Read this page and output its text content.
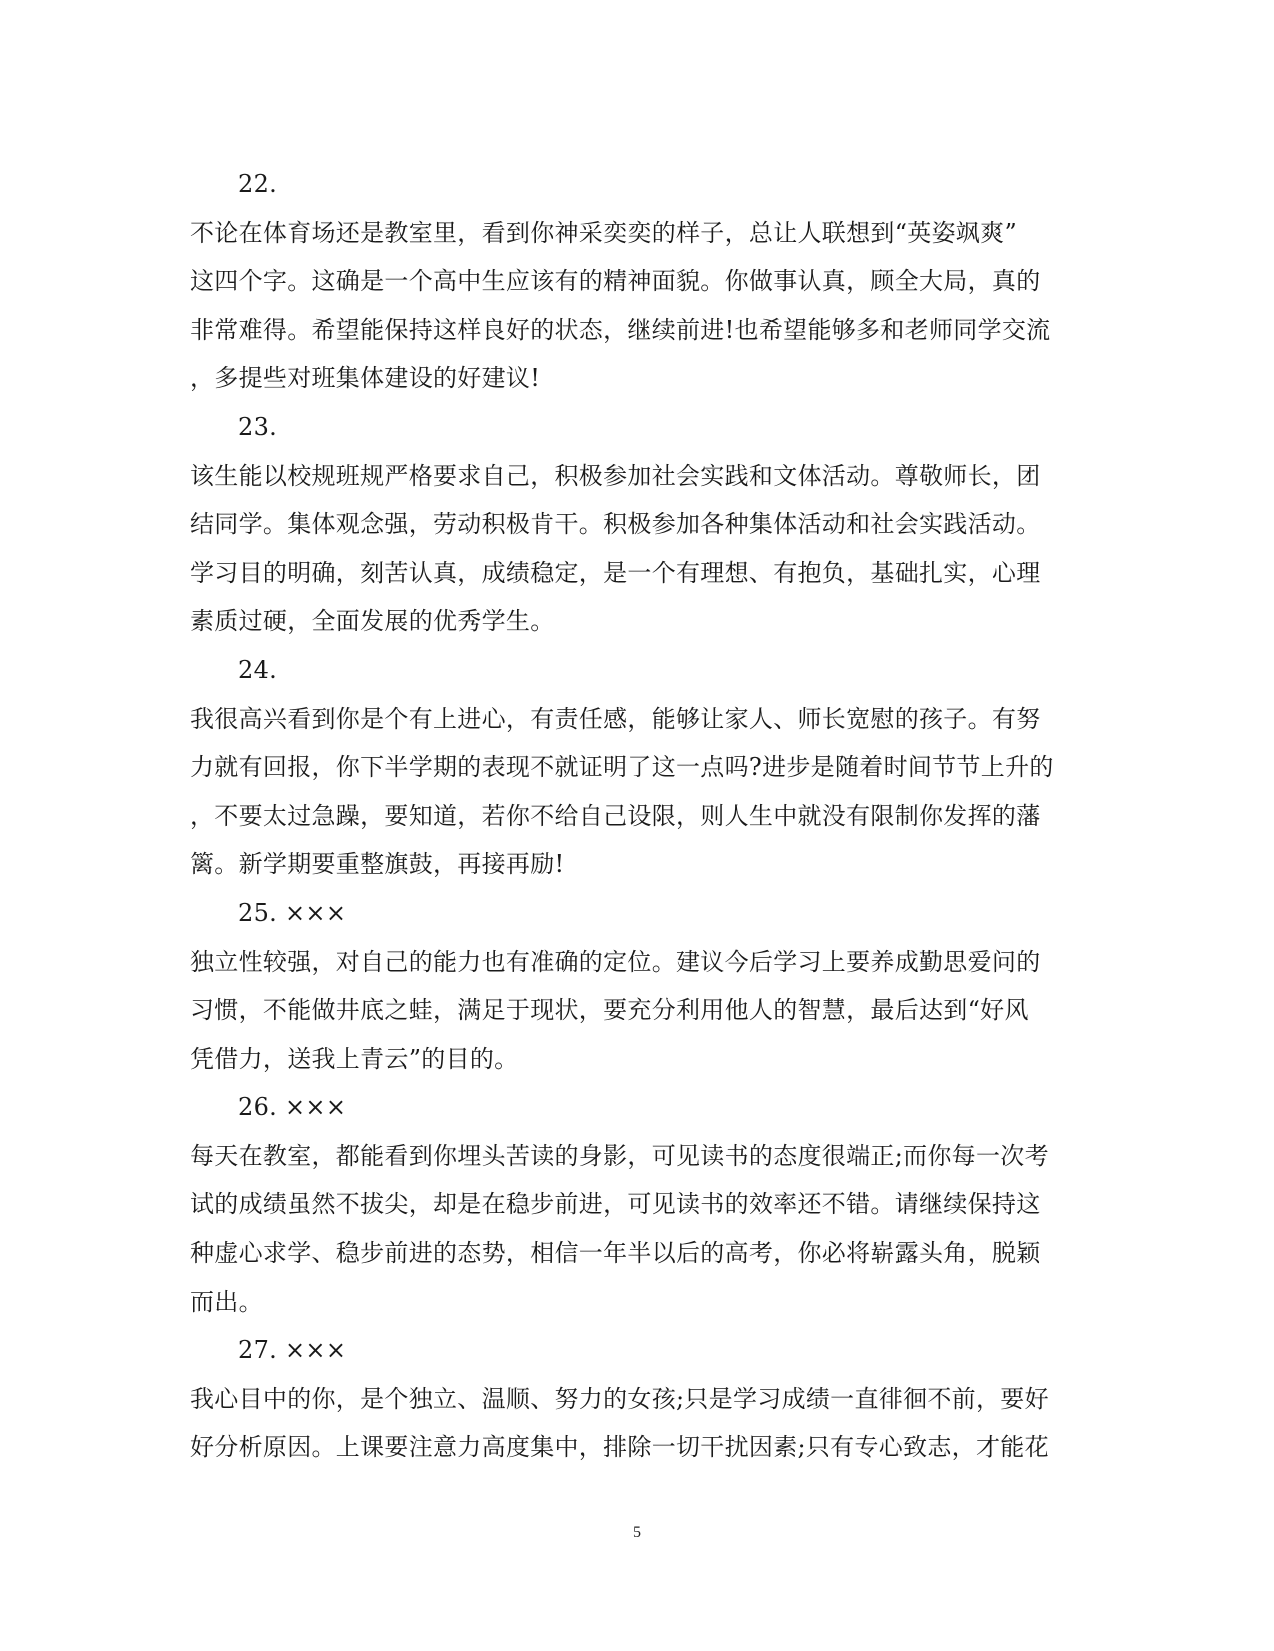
22.
不论在体育场还是教室里，看到你神采奕奕的样子，总让人联想到“英姿飒爽”
这四个字。这确是一个高中生应该有的精神面貌。你做事认真，顾全大局，真的
非常难得。希望能保持这样良好的状态，继续前进!也希望能够多和老师同学交流
，多提些对班集体建设的好建议!
23.
该生能以校规班规严格要求自己，积极参加社会实践和文体活动。尊敬师长，团
结同学。集体观念强，劳动积极肯干。积极参加各种集体活动和社会实践活动。
学习目的明确，刻苦认真，成绩稳定，是一个有理想、有抱负，基础扎实，心理
素质过硬，全面发展的优秀学生。
24.
我很高兴看到你是个有上进心，有责任感，能够让家人、师长宽慰的孩子。有努
力就有回报，你下半学期的表现不就证明了这一点吗?进步是随着时间节节上升的
，不要太过急躁，要知道，若你不给自己设限，则人生中就没有限制你发挥的藩
篱。新学期要重整旗鼓，再接再励!
25. ×××
独立性较强，对自己的能力也有准确的定位。建议今后学习上要养成勤思爱问的
习惯，不能做井底之蛙，满足于现状，要充分利用他人的智慧，最后达到“好风
凭借力，送我上青云”的目的。
26. ×××
每天在教室，都能看到你埋头苦读的身影，可见读书的态度很端正;而你每一次考
试的成绩虽然不拔尖，却是在稳步前进，可见读书的效率还不错。请继续保持这
种虚心求学、稳步前进的态势，相信一年半以后的高考，你必将崭露头角，脱颖
而出。
27. ×××
我心目中的你，是个独立、温顺、努力的女孩;只是学习成绩一直徘徊不前，要好
好分析原因。上课要注意力高度集中，排除一切干扰因素;只有专心致志，才能花
5
